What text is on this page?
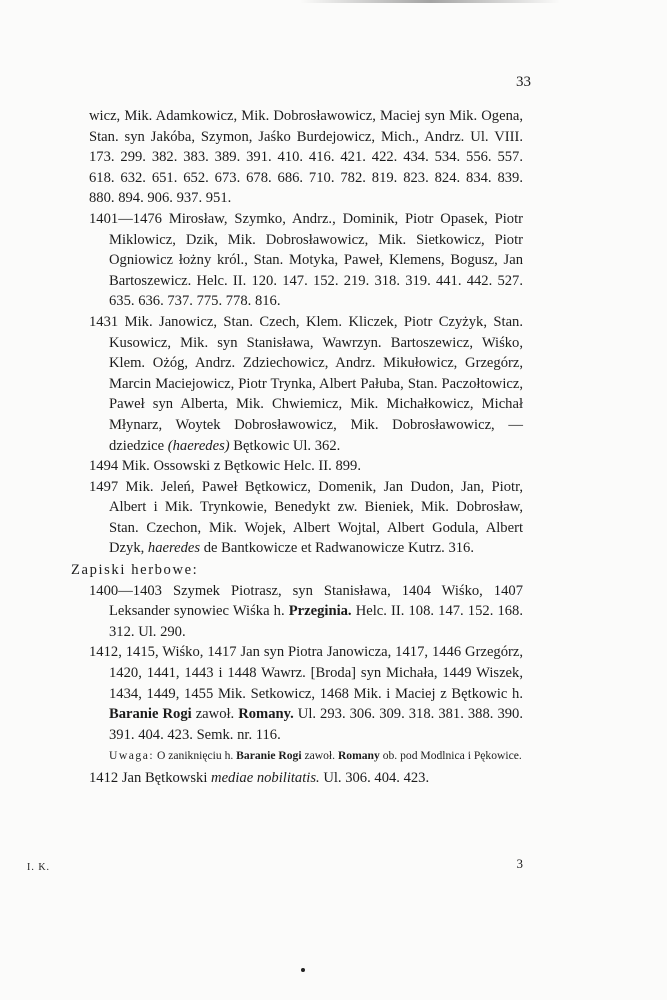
33
wicz, Mik. Adamkowicz, Mik. Dobrosławowicz, Maciej syn Mik. Ogena, Stan. syn Jakóba, Szymon, Jaśko Burdejowicz, Mich., Andrz. Ul. VIII. 173. 299. 382. 383. 389. 391. 410. 416. 421. 422. 434. 534. 556. 557. 618. 632. 651. 652. 673. 678. 686. 710. 782. 819. 823. 824. 834. 839. 880. 894. 906. 937. 951.
1401—1476 Mirosław, Szymko, Andrz., Dominik, Piotr Opasek, Piotr Miklowicz, Dzik, Mik. Dobrosławowicz, Mik. Sietkowicz, Piotr Ogniowicz łożny król., Stan. Motyka, Paweł, Klemens, Bogusz, Jan Bartoszewicz. Helc. II. 120. 147. 152. 219. 318. 319. 441. 442. 527. 635. 636. 737. 775. 778. 816.
1431 Mik. Janowicz, Stan. Czech, Klem. Kliczek, Piotr Czyżyk, Stan. Kusowicz, Mik. syn Stanisława, Wawrzyn. Bartoszewicz, Wiśko, Klem. Ożóg, Andrz. Zdziechowicz, Andrz. Mikułowicz, Grzegórz, Marcin Maciejowicz, Piotr Trynka, Albert Pałuba, Stan. Paczołtowicz, Paweł syn Alberta, Mik. Chwiemicz, Mik. Michałkowicz, Michał Młynarz, Woytek Dobrosławowicz, Mik. Dobrosławowicz, — dziedzice (haeredes) Bętkowic Ul. 362.
1494 Mik. Ossowski z Bętkowic Helc. II. 899.
1497 Mik. Jeleń, Paweł Bętkowicz, Domenik, Jan Dudon, Jan, Piotr, Albert i Mik. Trynkowie, Benedykt zw. Bieniek, Mik. Dobrosław, Stan. Czechon, Mik. Wojek, Albert Wojtal, Albert Godula, Albert Dzyk, haeredes de Bantkowicze et Radwanowicze Kutrz. 316.
Zapiski herbowe:
1400—1403 Szymek Piotrasz, syn Stanisława, 1404 Wiśko, 1407 Leksander synowiec Wiśka h. Przeginia. Helc. II. 108. 147. 152. 168. 312. Ul. 290.
1412, 1415, Wiśko, 1417 Jan syn Piotra Janowicza, 1417, 1446 Grzegórz, 1420, 1441, 1443 i 1448 Wawrz. [Broda] syn Michała, 1449 Wiszek, 1434, 1449, 1455 Mik. Setkowicz, 1468 Mik. i Maciej z Bętkowic h. Baranie Rogi zawoł. Romany. Ul. 293. 306. 309. 318. 381. 388. 390. 391. 404. 423. Semk. nr. 116.
Uwaga: O zaniknięciu h. Baranie Rogi zawoł. Romany ob. pod Modlnica i Pękowice.
1412 Jan Bętkowski mediae nobilitatis. Ul. 306. 404. 423.
I. K.	3
